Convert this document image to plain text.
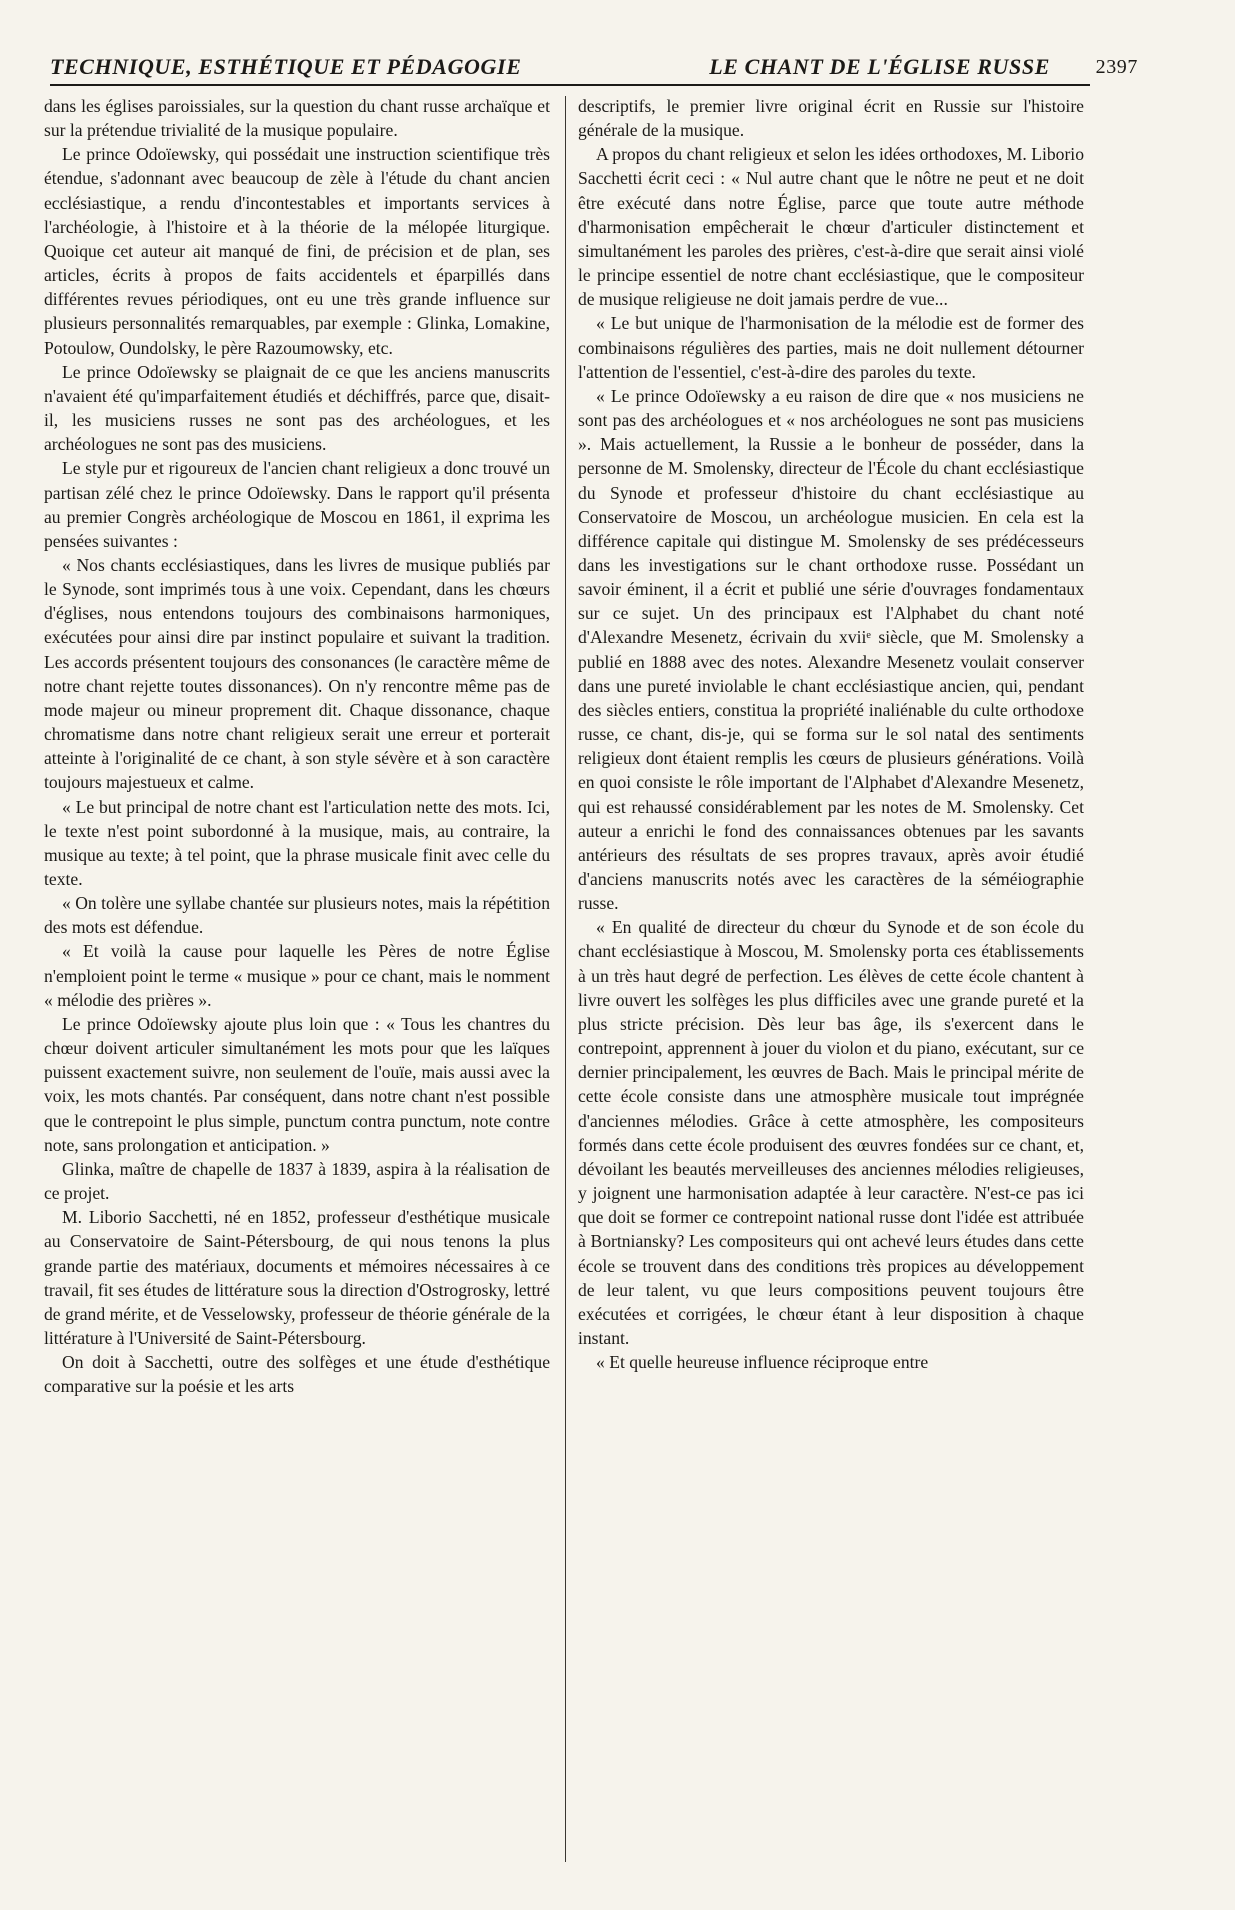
TECHNIQUE, ESTHÉTIQUE ET PÉDAGOGIE	LE CHANT DE L'ÉGLISE RUSSE 2397

dans les églises paroissiales, sur la question du chant russe archaïque et sur la prétendue trivialité de la musique populaire.

Le prince Odoïewsky, qui possédait une instruction scientifique très étendue, s'adonnant avec beaucoup de zèle à l'étude du chant ancien ecclésiastique, a rendu d'incontestables et importants services à l'archéologie, à l'histoire et à la théorie de la mélopée liturgique. Quoique cet auteur ait manqué de fini, de précision et de plan, ses articles, écrits à propos de faits accidentels et éparpillés dans différentes revues périodiques, ont eu une très grande influence sur plusieurs personnalités remarquables, par exemple : Glinka, Lomakine, Potoulow, Oundolsky, le père Razoumowsky, etc.

Le prince Odoïewsky se plaignait de ce que les anciens manuscrits n'avaient été qu'imparfaitement étudiés et déchiffrés, parce que, disait-il, les musiciens russes ne sont pas des archéologues, et les archéologues ne sont pas des musiciens.

Le style pur et rigoureux de l'ancien chant religieux a donc trouvé un partisan zélé chez le prince Odoïewsky. Dans le rapport qu'il présenta au premier Congrès archéologique de Moscou en 1861, il exprima les pensées suivantes :

« Nos chants ecclésiastiques, dans les livres de musique publiés par le Synode, sont imprimés tous à une voix. Cependant, dans les chœurs d'églises, nous entendons toujours des combinaisons harmoniques, exécutées pour ainsi dire par instinct populaire et suivant la tradition. Les accords présentent toujours des consonances (le caractère même de notre chant rejette toutes dissonances). On n'y rencontre même pas de mode majeur ou mineur proprement dit. Chaque dissonance, chaque chromatisme dans notre chant religieux serait une erreur et porterait atteinte à l'originalité de ce chant, à son style sévère et à son caractère toujours majestueux et calme.

« Le but principal de notre chant est l'articulation nette des mots. Ici, le texte n'est point subordonné à la musique, mais, au contraire, la musique au texte; à tel point, que la phrase musicale finit avec celle du texte.

« On tolère une syllabe chantée sur plusieurs notes, mais la répétition des mots est défendue.

« Et voilà la cause pour laquelle les Pères de notre Église n'emploient point le terme « musique » pour ce chant, mais le nomment « mélodie des prières ».

Le prince Odoïewsky ajoute plus loin que : « Tous les chantres du chœur doivent articuler simultanément les mots pour que les laïques puissent exactement suivre, non seulement de l'ouïe, mais aussi avec la voix, les mots chantés. Par conséquent, dans notre chant n'est possible que le contrepoint le plus simple, punctum contra punctum, note contre note, sans prolongation et anticipation. »

Glinka, maître de chapelle de 1837 à 1839, aspira à la réalisation de ce projet.

M. Liborio Sacchetti, né en 1852, professeur d'esthétique musicale au Conservatoire de Saint-Pétersbourg, de qui nous tenons la plus grande partie des matériaux, documents et mémoires nécessaires à ce travail, fit ses études de littérature sous la direction d'Ostrogrosky, lettré de grand mérite, et de Vesselowsky, professeur de théorie générale de la littérature à l'Université de Saint-Pétersbourg.

On doit à Sacchetti, outre des solfèges et une étude d'esthétique comparative sur la poésie et les arts

descriptifs, le premier livre original écrit en Russie sur l'histoire générale de la musique.

A propos du chant religieux et selon les idées orthodoxes, M. Liborio Sacchetti écrit ceci : « Nul autre chant que le nôtre ne peut et ne doit être exécuté dans notre Église, parce que toute autre méthode d'harmonisation empêcherait le chœur d'articuler distinctement et simultanément les paroles des prières, c'est-à-dire que serait ainsi violé le principe essentiel de notre chant ecclésiastique, que le compositeur de musique religieuse ne doit jamais perdre de vue...

« Le but unique de l'harmonisation de la mélodie est de former des combinaisons régulières des parties, mais ne doit nullement détourner l'attention de l'essentiel, c'est-à-dire des paroles du texte.

« Le prince Odoïewsky a eu raison de dire que « nos musiciens ne sont pas des archéologues et « nos archéologues ne sont pas musiciens ». Mais actuellement, la Russie a le bonheur de posséder, dans la personne de M. Smolensky, directeur de l'École du chant ecclésiastique du Synode et professeur d'histoire du chant ecclésiastique au Conservatoire de Moscou, un archéologue musicien. En cela est la différence capitale qui distingue M. Smolensky de ses prédécesseurs dans les investigations sur le chant orthodoxe russe. Possédant un savoir éminent, il a écrit et publié une série d'ouvrages fondamentaux sur ce sujet. Un des principaux est l'Alphabet du chant noté d'Alexandre Mesenetz, écrivain du xviiᵉ siècle, que M. Smolensky a publié en 1888 avec des notes. Alexandre Mesenetz voulait conserver dans une pureté inviolable le chant ecclésiastique ancien, qui, pendant des siècles entiers, constitua la propriété inaliénable du culte orthodoxe russe, ce chant, dis-je, qui se forma sur le sol natal des sentiments religieux dont étaient remplis les cœurs de plusieurs générations. Voilà en quoi consiste le rôle important de l'Alphabet d'Alexandre Mesenetz, qui est rehaussé considérablement par les notes de M. Smolensky. Cet auteur a enrichi le fond des connaissances obtenues par les savants antérieurs des résultats de ses propres travaux, après avoir étudié d'anciens manuscrits notés avec les caractères de la séméiographie russe.

« En qualité de directeur du chœur du Synode et de son école du chant ecclésiastique à Moscou, M. Smolensky porta ces établissements à un très haut degré de perfection. Les élèves de cette école chantent à livre ouvert les solfèges les plus difficiles avec une grande pureté et la plus stricte précision. Dès leur bas âge, ils s'exercent dans le contrepoint, apprennent à jouer du violon et du piano, exécutant, sur ce dernier principalement, les œuvres de Bach. Mais le principal mérite de cette école consiste dans une atmosphère musicale tout imprégnée d'anciennes mélodies. Grâce à cette atmosphère, les compositeurs formés dans cette école produisent des œuvres fondées sur ce chant, et, dévoilant les beautés merveilleuses des anciennes mélodies religieuses, y joignent une harmonisation adaptée à leur caractère. N'est-ce pas ici que doit se former ce contrepoint national russe dont l'idée est attribuée à Bortniansky? Les compositeurs qui ont achevé leurs études dans cette école se trouvent dans des conditions très propices au développement de leur talent, vu que leurs compositions peuvent toujours être exécutées et corrigées, le chœur étant à leur disposition à chaque instant.

« Et quelle heureuse influence réciproque entre
